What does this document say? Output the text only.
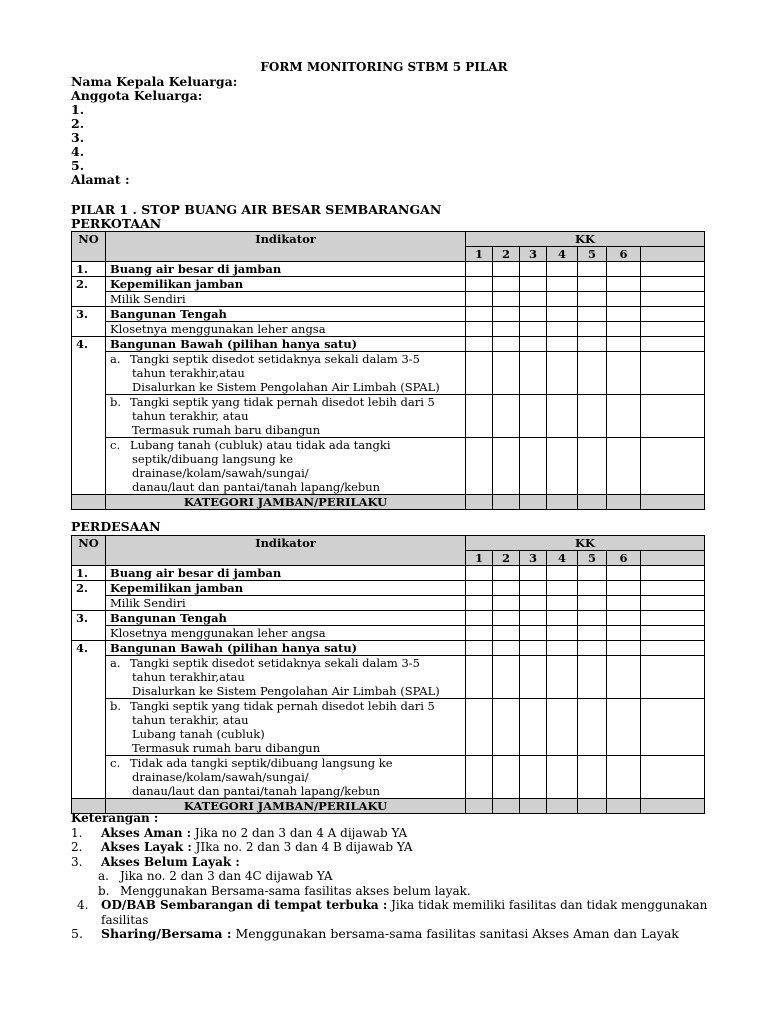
FORM MONITORING STBM 5 PILAR
Nama Kepala Keluarga:
Anggota Keluarga:
1.
2.
3.
4.
5.
Alamat :
PILAR 1 . STOP BUANG AIR BESAR SEMBARANGAN
PERKOTAAN
NO	Indikator	KK						
		1	2	3	4	5	6	
1.	Buang air besar di jamban							
2.	Kepemilikan jamban							
	Milik Sendiri							
3.	Bangunan Tengah							
	Klosetnya menggunakan leher angsa							
4.	Bangunan Bawah (pilihan hanya satu)							

	a. Tangki septik disedot setidaknya sekali dalam 3-5
tahun terakhir,atau
Disalurkan ke Sistem Pengolahan Air Limbah (SPAL)							

	b. Tangki septik yang tidak pernah disedot lebih dari 5
tahun terakhir, atau
Termasuk rumah baru dibangun							

	c. Lubang tanah (cubluk) atau tidak ada tangki
septik/dibuang langsung ke
drainase/kolam/sawah/sungai/
danau/laut dan pantai/tanah lapang/kebun							

	KATEGORI JAMBAN/PERILAKU							
PERDESAAN
NO	Indikator	KK						
		1	2	3	4	5	6	
1.	Buang air besar di jamban							
2.	Kepemilikan jamban							
	Milik Sendiri							
3.	Bangunan Tengah							
	Klosetnya menggunakan leher angsa							
4.	Bangunan Bawah (pilihan hanya satu)							

	a. Tangki septik disedot setidaknya sekali dalam 3-5
tahun terakhir,atau
Disalurkan ke Sistem Pengolahan Air Limbah (SPAL)							

	b. Tangki septik yang tidak pernah disedot lebih dari 5
tahun terakhir, atau
Lubang tanah (cubluk)
Termasuk rumah baru dibangun							

	c. Tidak ada tangki septik/dibuang langsung ke
drainase/kolam/sawah/sungai/
danau/laut dan pantai/tanah lapang/kebun							

	KATEGORI JAMBAN/PERILAKU							
Keterangan :
1. Akses Aman : Jika no 2 dan 3 dan 4 A dijawab YA
2. Akses Layak : JIka no. 2 dan 3 dan 4 B dijawab YA
3. Akses Belum Layak :
a. Jika no. 2 dan 3 dan 4C dijawab YA
b. Menggunakan Bersama-sama fasilitas akses belum layak.
4. OD/BAB Sembarangan di tempat terbuka : Jika tidak memiliki fasilitas dan tidak menggunakan
fasilitas
5. Sharing/Bersama : Menggunakan bersama-sama fasilitas sanitasi Akses Aman dan Layak
